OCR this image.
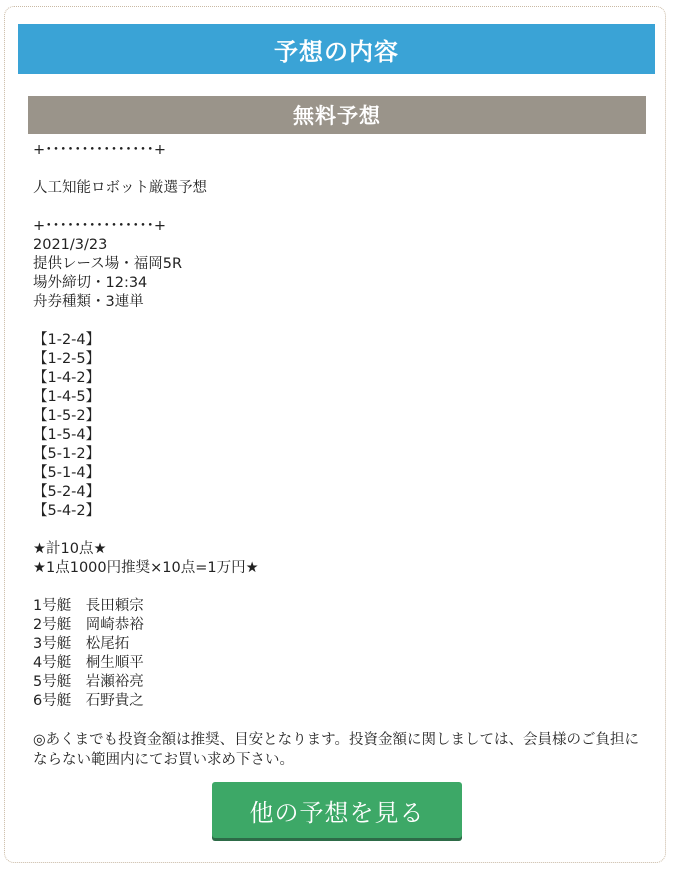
予想の内容
無料予想
+･･･････････････+
人工知能ロボット厳選予想
+･･･････････････+
2021/3/23
提供レース場・福岡5R
場外締切・12:34
舟券種類・3連単
【1-2-4】
【1-2-5】
【1-4-2】
【1-4-5】
【1-5-2】
【1-5-4】
【5-1-2】
【5-1-4】
【5-2-4】
【5-4-2】
★計10点★
★1点1000円推奨×10点=1万円★
1号艇　長田頼宗
2号艇　岡崎恭裕
3号艇　松尾拓
4号艇　桐生順平
5号艇　岩瀬裕亮
6号艇　石野貴之
◎あくまでも投資金額は推奨、目安となります。投資金額に関しましては、会員様のご負担にならない範囲内にてお買い求め下さい。
他の予想を見る
